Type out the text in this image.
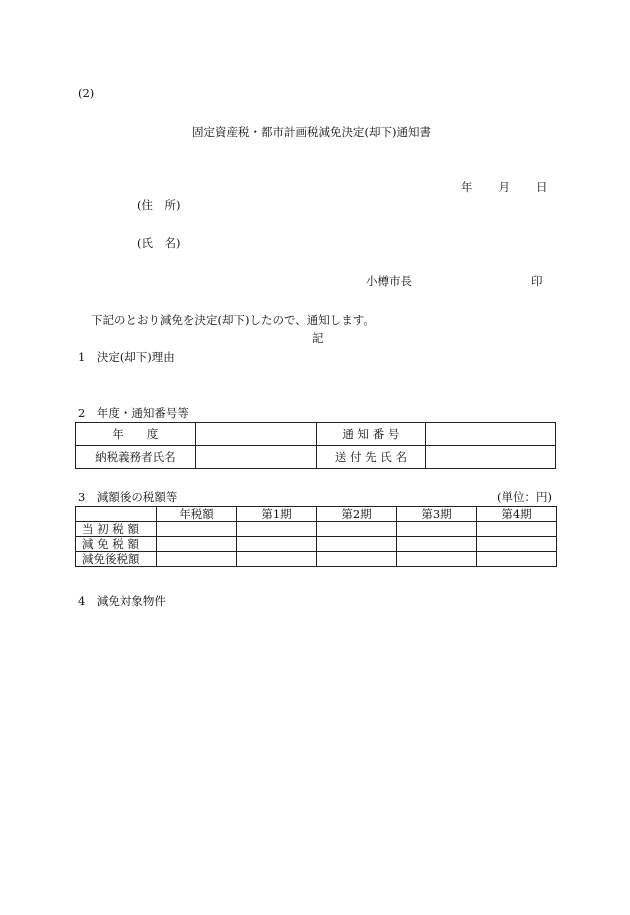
(2)
固定資産税・都市計画税減免決定(却下)通知書
年　　月　　日
(住　所)
(氏　名)
小樽市長	印
下記のとおり減免を決定(却下)したので、通知します。
記
1　決定(却下)理由
2　年度・通知番号等
年　　度		通 知 番 号	
納税義務者氏名		送 付 先 氏 名	
3　減額後の税額等	(単位：円)
	年税額	第1期	第2期	第3期	第4期
当 初 税 額					
減 免 税 額					
減免後税額					
4　減免対象物件
